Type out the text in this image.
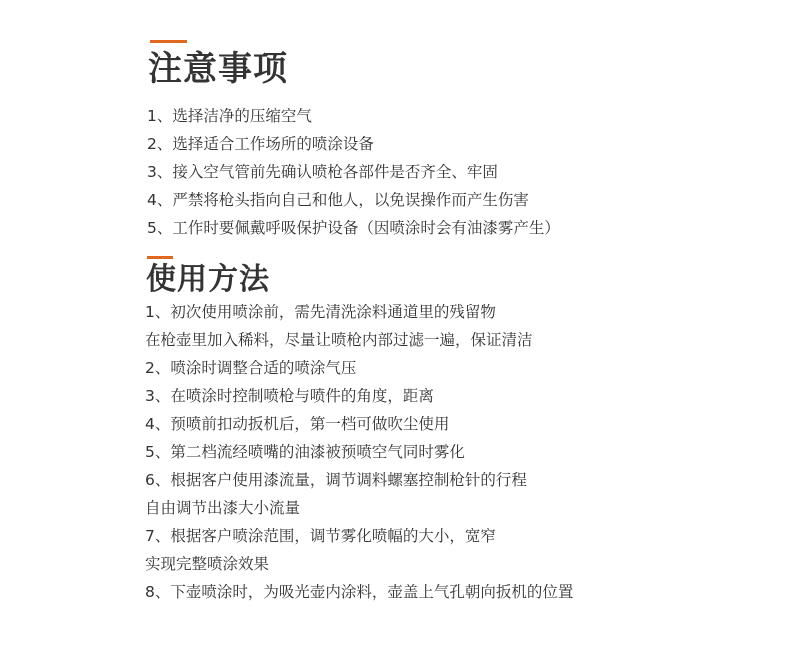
注意事项
1、选择洁净的压缩空气
2、选择适合工作场所的喷涂设备
3、接入空气管前先确认喷枪各部件是否齐全、牢固
4、严禁将枪头指向自己和他人，以免误操作而产生伤害
5、工作时要佩戴呼吸保护设备（因喷涂时会有油漆雾产生）
使用方法
1、初次使用喷涂前，需先清洗涂料通道里的残留物
在枪壶里加入稀料，尽量让喷枪内部过滤一遍，保证清洁
2、喷涂时调整合适的喷涂气压
3、在喷涂时控制喷枪与喷件的角度，距离
4、预喷前扣动扳机后，第一档可做吹尘使用
5、第二档流经喷嘴的油漆被预喷空气同时雾化
6、根据客户使用漆流量，调节调料螺塞控制枪针的行程
自由调节出漆大小流量
7、根据客户喷涂范围，调节雾化喷幅的大小，宽窄
实现完整喷涂效果
8、下壶喷涂时，为吸光壶内涂料，壶盖上气孔朝向扳机的位置
